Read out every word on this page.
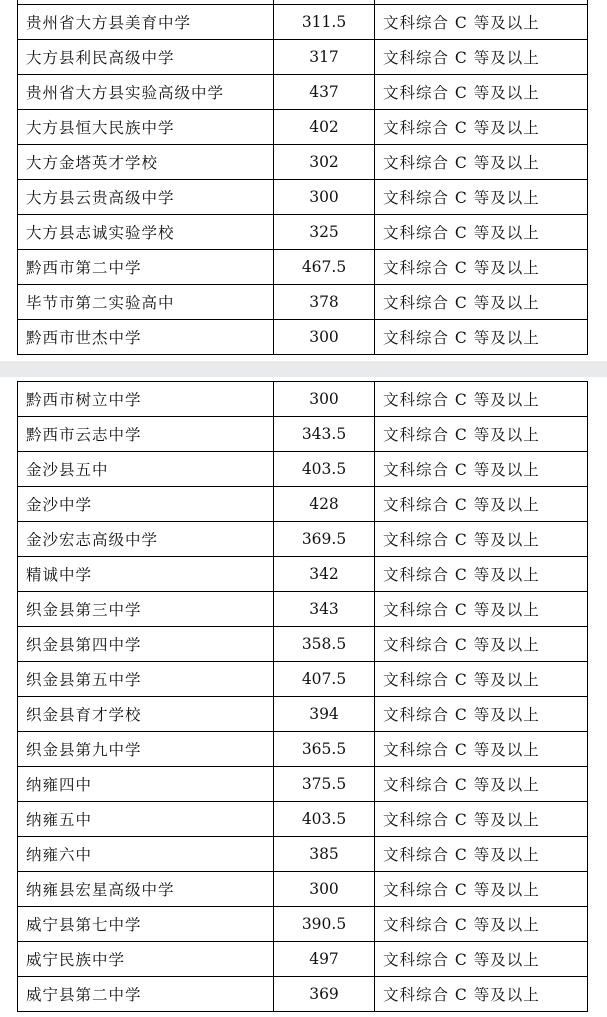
贵州省大方县美育中学	311.5	文科综合 C 等及以上
大方县利民高级中学	317	文科综合 C 等及以上
贵州省大方县实验高级中学	437	文科综合 C 等及以上
大方县恒大民族中学	402	文科综合 C 等及以上
大方金塔英才学校	302	文科综合 C 等及以上
大方县云贵高级中学	300	文科综合 C 等及以上
大方县志诚实验学校	325	文科综合 C 等及以上
黔西市第二中学	467.5	文科综合 C 等及以上
毕节市第二实验高中	378	文科综合 C 等及以上
黔西市世杰中学	300	文科综合 C 等及以上
黔西市树立中学	300	文科综合 C 等及以上
黔西市云志中学	343.5	文科综合 C 等及以上
金沙县五中	403.5	文科综合 C 等及以上
金沙中学	428	文科综合 C 等及以上
金沙宏志高级中学	369.5	文科综合 C 等及以上
精诚中学	342	文科综合 C 等及以上
织金县第三中学	343	文科综合 C 等及以上
织金县第四中学	358.5	文科综合 C 等及以上
织金县第五中学	407.5	文科综合 C 等及以上
织金县育才学校	394	文科综合 C 等及以上
织金县第九中学	365.5	文科综合 C 等及以上
纳雍四中	375.5	文科综合 C 等及以上
纳雍五中	403.5	文科综合 C 等及以上
纳雍六中	385	文科综合 C 等及以上
纳雍县宏星高级中学	300	文科综合 C 等及以上
威宁县第七中学	390.5	文科综合 C 等及以上
威宁民族中学	497	文科综合 C 等及以上
威宁县第二中学	369	文科综合 C 等及以上
